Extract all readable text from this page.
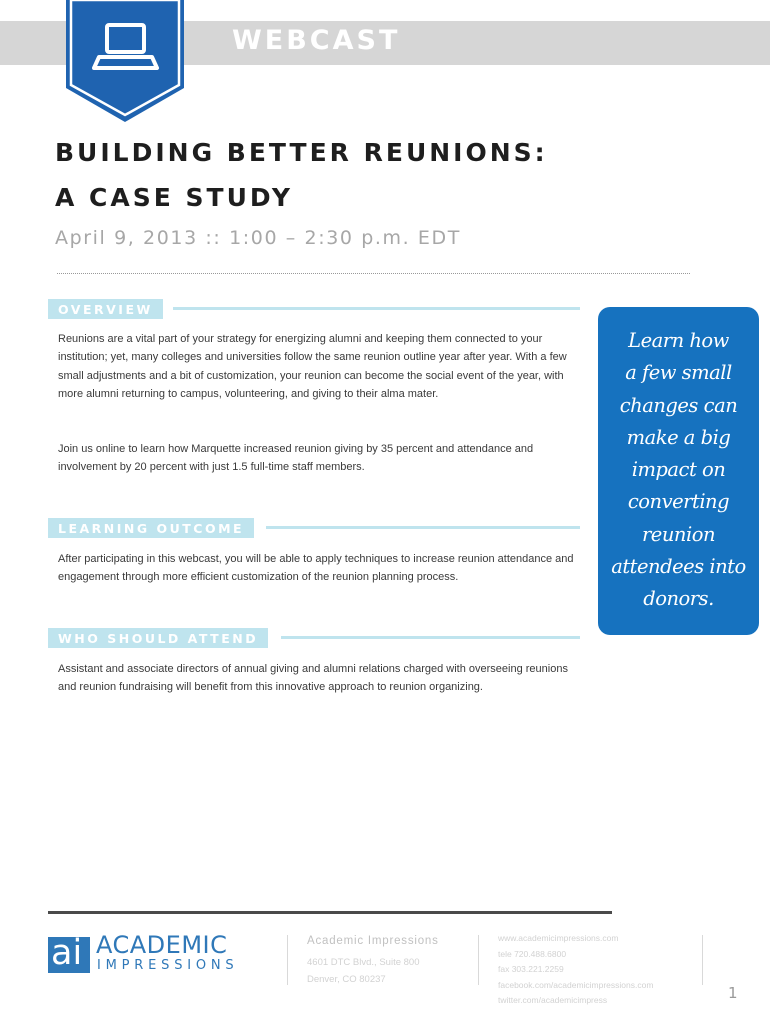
WEBCAST
BUILDING BETTER REUNIONS:
A CASE STUDY
April 9, 2013 :: 1:00 – 2:30 p.m. EDT
OVERVIEW

Reunions are a vital part of your strategy for energizing alumni and keeping them connected to your institution; yet, many colleges and universities follow the same reunion outline year after year. With a few small adjustments and a bit of customization, your reunion can become the social event of the year, with more alumni returning to campus, volunteering, and giving to their alma mater.

Join us online to learn how Marquette increased reunion giving by 35 percent and attendance and involvement by 20 percent with just 1.5 full-time staff members.

LEARNING OUTCOME

After participating in this webcast, you will be able to apply techniques to increase reunion attendance and engagement through more efficient customization of the reunion planning process.

WHO SHOULD ATTEND

Assistant and associate directors of annual giving and alumni relations charged with overseeing reunions and reunion fundraising will benefit from this innovative approach to reunion organizing.

Learn how
a few small
changes can
make a big
impact on
converting
reunion
attendees into
donors.
ai ACADEMIC
IMPRESSIONS
Academic Impressions
4601 DTC Blvd., Suite 800
Denver, CO 80237
www.academicimpressions.com
tele 720.488.6800
fax 303.221.2259
facebook.com/academicimpressions.com
twitter.com/academicimpress	1
